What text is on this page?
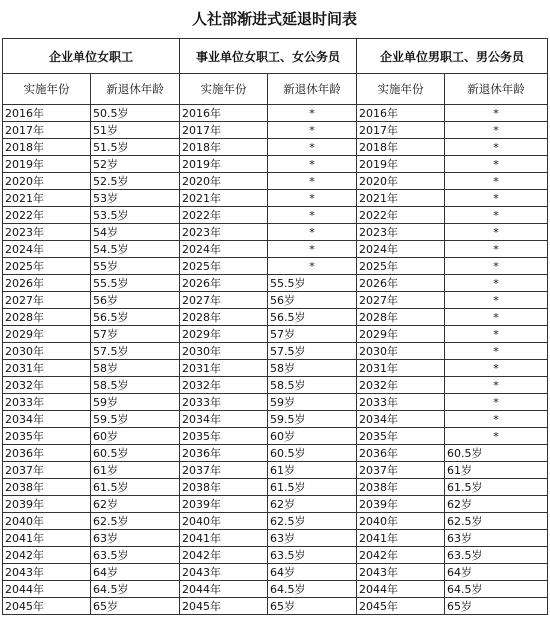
人社部渐进式延退时间表
企业单位女职工		事业单位女职工、女公务员		企业单位男职工、男公务员	
实施年份	新退休年龄	实施年份	新退休年龄	实施年份	新退休年龄
2016年	50.5岁	2016年	*	2016年	*
2017年	51岁	2017年	*	2017年	*
2018年	51.5岁	2018年	*	2018年	*
2019年	52岁	2019年	*	2019年	*
2020年	52.5岁	2020年	*	2020年	*
2021年	53岁	2021年	*	2021年	*
2022年	53.5岁	2022年	*	2022年	*
2023年	54岁	2023年	*	2023年	*
2024年	54.5岁	2024年	*	2024年	*
2025年	55岁	2025年	*	2025年	*
2026年	55.5岁	2026年	55.5岁	2026年	*
2027年	56岁	2027年	56岁	2027年	*
2028年	56.5岁	2028年	56.5岁	2028年	*
2029年	57岁	2029年	57岁	2029年	*
2030年	57.5岁	2030年	57.5岁	2030年	*
2031年	58岁	2031年	58岁	2031年	*
2032年	58.5岁	2032年	58.5岁	2032年	*
2033年	59岁	2033年	59岁	2033年	*
2034年	59.5岁	2034年	59.5岁	2034年	*
2035年	60岁	2035年	60岁	2035年	*
2036年	60.5岁	2036年	60.5岁	2036年	60.5岁
2037年	61岁	2037年	61岁	2037年	61岁
2038年	61.5岁	2038年	61.5岁	2038年	61.5岁
2039年	62岁	2039年	62岁	2039年	62岁
2040年	62.5岁	2040年	62.5岁	2040年	62.5岁
2041年	63岁	2041年	63岁	2041年	63岁
2042年	63.5岁	2042年	63.5岁	2042年	63.5岁
2043年	64岁	2043年	64岁	2043年	64岁
2044年	64.5岁	2044年	64.5岁	2044年	64.5岁
2045年	65岁	2045年	65岁	2045年	65岁
